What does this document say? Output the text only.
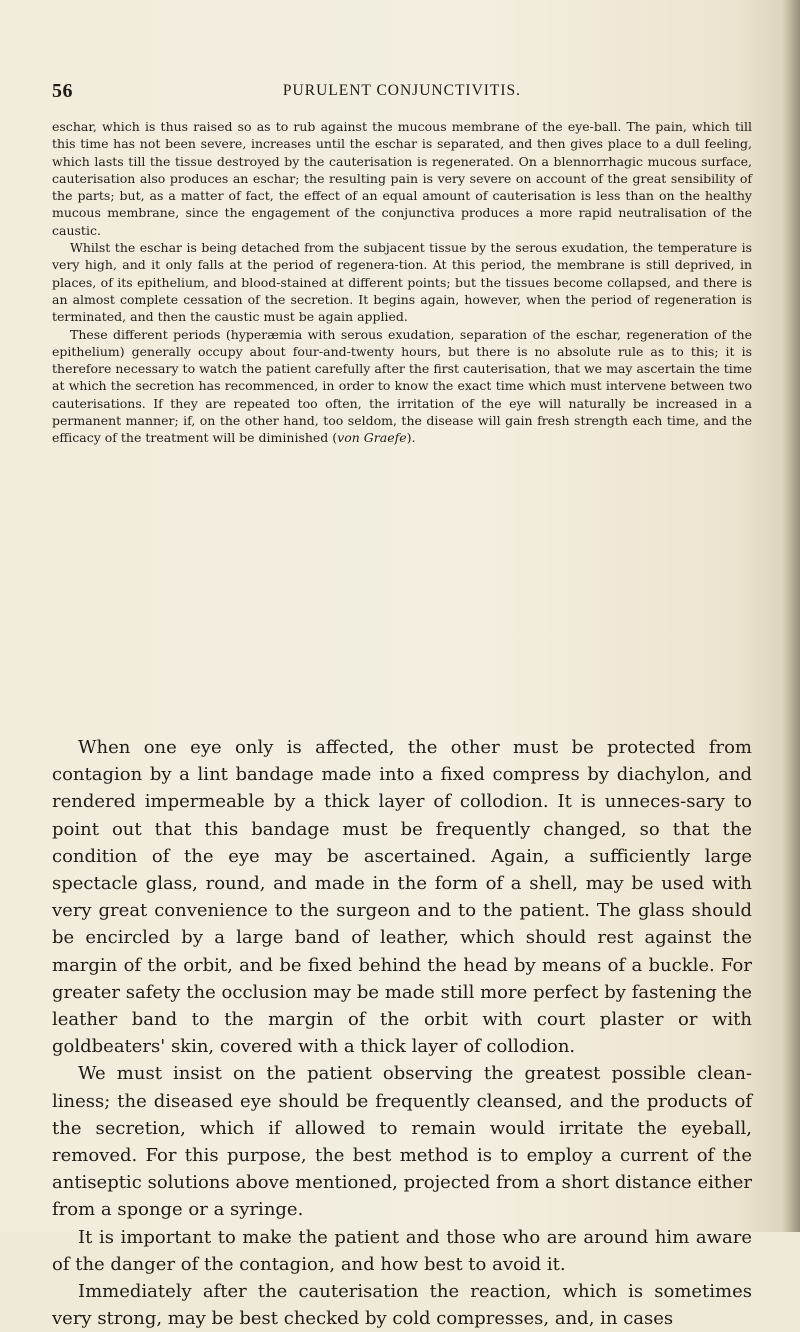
56	PURULENT CONJUNCTIVITIS.

eschar, which is thus raised so as to rub against the mucous membrane of the eye-ball. The pain, which till this time has not been severe, increases until the eschar is separated, and then gives place to a dull feeling, which lasts till the tissue destroyed by the cauterisation is regenerated. On a blennorrhagic mucous surface, cauterisation also produces an eschar; the resulting pain is very severe on account of the great sensibility of the parts; but, as a matter of fact, the effect of an equal amount of cauterisation is less than on the healthy mucous membrane, since the engagement of the conjunctiva produces a more rapid neutralisation of the caustic.

Whilst the eschar is being detached from the subjacent tissue by the serous exudation, the temperature is very high, and it only falls at the period of regenera-tion. At this period, the membrane is still deprived, in places, of its epithelium, and blood-stained at different points; but the tissues become collapsed, and there is an almost complete cessation of the secretion. It begins again, however, when the period of regeneration is terminated, and then the caustic must be again applied.

These different periods (hyperæmia with serous exudation, separation of the eschar, regeneration of the epithelium) generally occupy about four-and-twenty hours, but there is no absolute rule as to this; it is therefore necessary to watch the patient carefully after the first cauterisation, that we may ascertain the time at which the secretion has recommenced, in order to know the exact time which must intervene between two cauterisations. If they are repeated too often, the irritation of the eye will naturally be increased in a permanent manner; if, on the other hand, too seldom, the disease will gain fresh strength each time, and the efficacy of the treatment will be diminished (von Graefe).

When one eye only is affected, the other must be protected from contagion by a lint bandage made into a fixed compress by diachylon, and rendered impermeable by a thick layer of collodion. It is unneces-sary to point out that this bandage must be frequently changed, so that the condition of the eye may be ascertained. Again, a sufficiently large spectacle glass, round, and made in the form of a shell, may be used with very great convenience to the surgeon and to the patient. The glass should be encircled by a large band of leather, which should rest against the margin of the orbit, and be fixed behind the head by means of a buckle. For greater safety the occlusion may be made still more perfect by fastening the leather band to the margin of the orbit with court plaster or with goldbeaters' skin, covered with a thick layer of collodion.

We must insist on the patient observing the greatest possible clean-liness; the diseased eye should be frequently cleansed, and the products of the secretion, which if allowed to remain would irritate the eyeball, removed. For this purpose, the best method is to employ a current of the antiseptic solutions above mentioned, projected from a short distance either from a sponge or a syringe.

It is important to make the patient and those who are around him aware of the danger of the contagion, and how best to avoid it.

Immediately after the cauterisation the reaction, which is sometimes very strong, may be best checked by cold compresses, and, in cases
